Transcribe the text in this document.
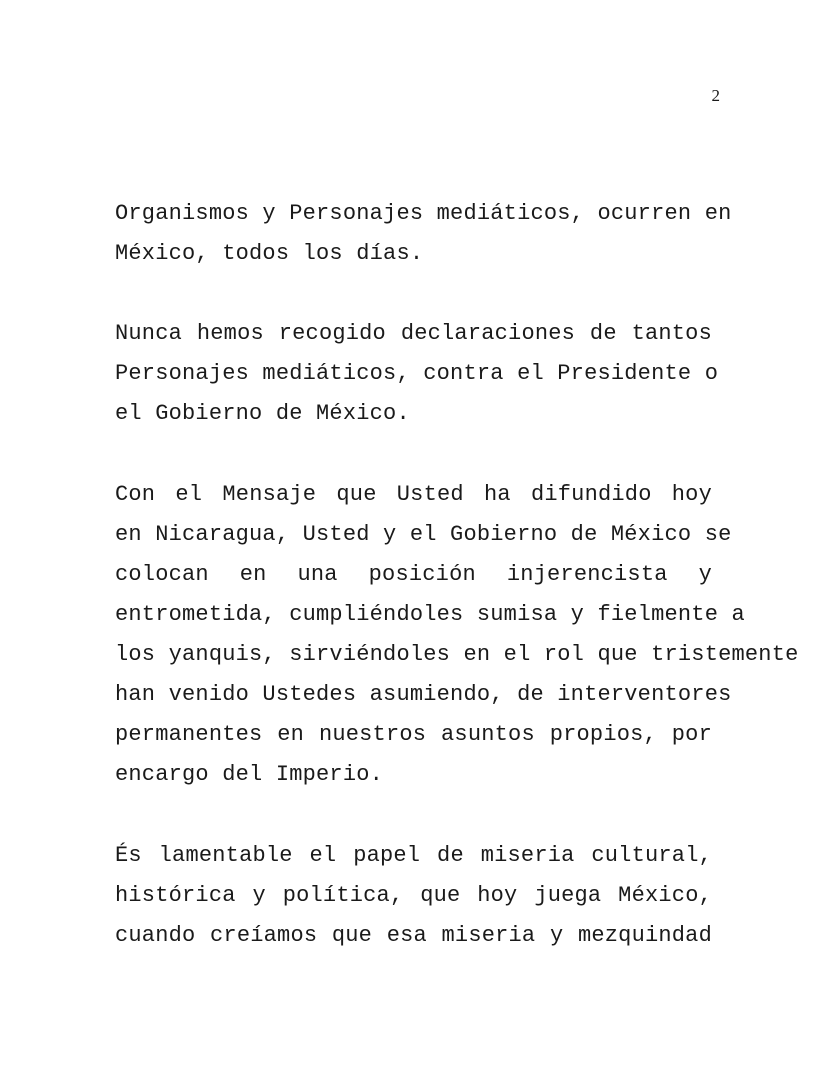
2
Organismos y Personajes mediáticos, ocurren en
México, todos los días.
Nunca hemos recogido declaraciones de tantos
Personajes mediáticos, contra el Presidente o
el Gobierno de México.
Con el Mensaje que Usted ha difundido hoy
en Nicaragua, Usted y el Gobierno de México se
colocan en una posición injerencista y
entrometida, cumpliéndoles sumisa y fielmente a
los yanquis, sirviéndoles en el rol que tristemente
han venido Ustedes asumiendo, de interventores
permanentes en nuestros asuntos propios, por
encargo del Imperio.
És lamentable el papel de miseria cultural,
histórica y política, que hoy juega México,
cuando creíamos que esa miseria y mezquindad
